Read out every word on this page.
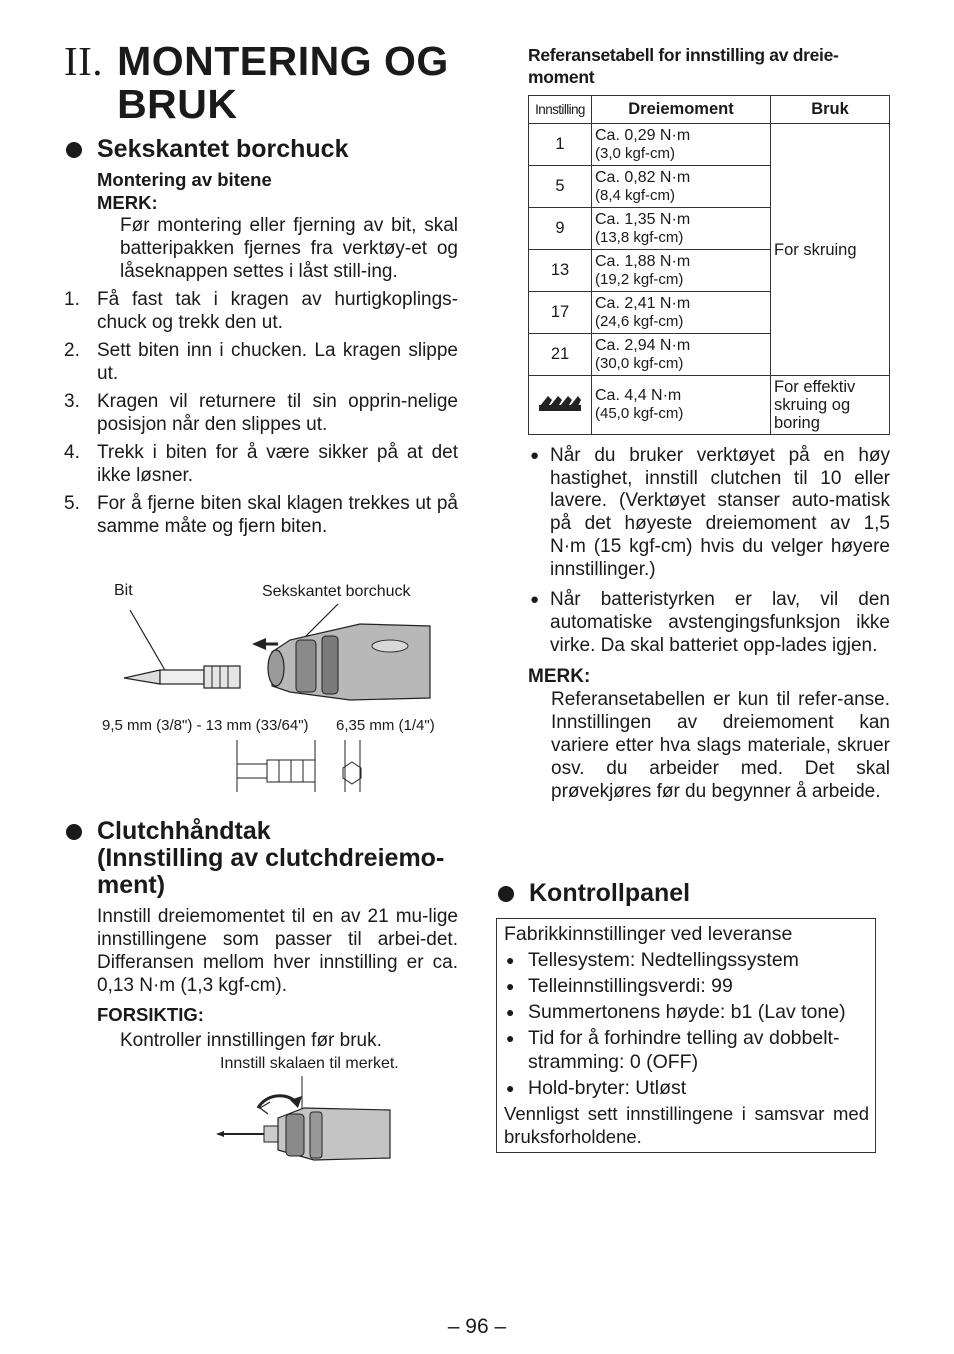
II. MONTERING OG
BRUK
Sekskantet borchuck
Montering av bitene
MERK:
Før montering eller fjerning av bit, skal batteripakken fjernes fra verktøy-et og låseknappen settes i låst still-ing.
1. Få fast tak i kragen av hurtigkoplings-chuck og trekk den ut.
2. Sett biten inn i chucken. La kragen slippe ut.
3. Kragen vil returnere til sin opprin-nelige posisjon når den slippes ut.
4. Trekk i biten for å være sikker på at det ikke løsner.
5. For å fjerne biten skal klagen trekkes ut på samme måte og fjern biten.
Bit	Sekskantet borchuck
9,5 mm (3/8") - 13 mm (33/64") 6,35 mm (1/4")
Clutchhåndtak
(Innstilling av clutchdreiemo-
ment)
Innstill dreiemomentet til en av 21 mu-lige innstillingene som passer til arbei-det. Differansen mellom hver innstilling er ca. 0,13 N·m (1,3 kgf-cm).
FORSIKTIG:
Kontroller innstillingen før bruk.
Innstill skalaen til merket.
Referansetabell for innstilling av dreie-moment
Innstilling	Dreiemoment	Bruk
1	Ca. 0,29 N·m
(3,0 kgf-cm)	For skruing
5	Ca. 0,82 N·m
(8,4 kgf-cm)	
9	Ca. 1,35 N·m
(13,8 kgf-cm)	
13	Ca. 1,88 N·m
(19,2 kgf-cm)	
17	Ca. 2,41 N·m
(24,6 kgf-cm)	
21	Ca. 2,94 N·m
(30,0 kgf-cm)	
	Ca. 4,4 N·m
(45,0 kgf-cm)	For effektiv skruing og boring
● Når du bruker verktøyet på en høy hastighet, innstill clutchen til 10 eller lavere. (Verktøyet stanser auto-matisk på det høyeste dreiemoment av 1,5 N·m (15 kgf-cm) hvis du velger høyere innstillinger.)
● Når batteristyrken er lav, vil den automatiske avstengingsfunksjon ikke virke. Da skal batteriet opp-lades igjen.
MERK:
Referansetabellen er kun til refer-anse. Innstillingen av dreiemoment kan variere etter hva slags materiale, skruer osv. du arbeider med. Det skal prøvekjøres før du begynner å arbeide.
Kontrollpanel
Fabrikkinnstillinger ved leveranse
● Tellesystem: Nedtellingssystem
● Telleinnstillingsverdi: 99
● Summertonens høyde: b1 (Lav tone)
● Tid for å forhindre telling av dobbelt-stramming: 0 (OFF)
● Hold-bryter: Utløst
Vennligst sett innstillingene i samsvar med bruksforholdene.
– 96 –
